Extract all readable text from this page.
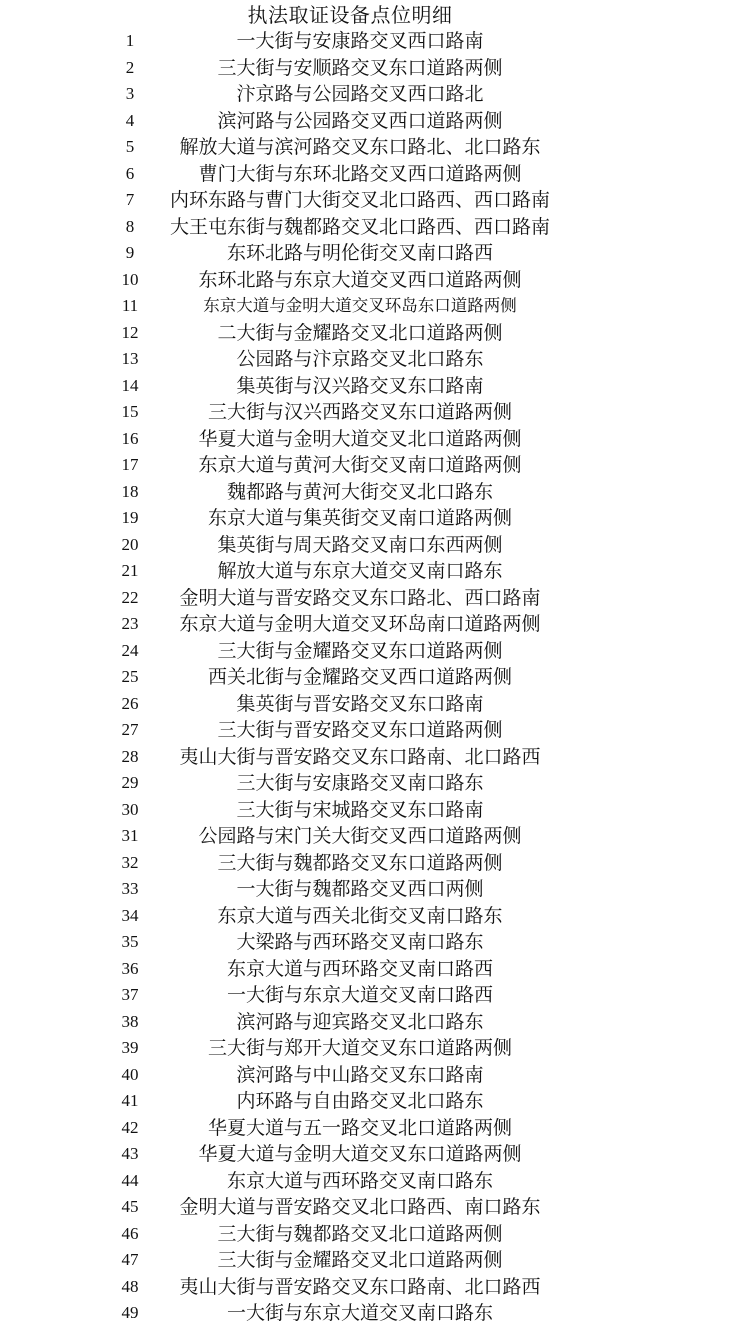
执法取证设备点位明细
1	一大街与安康路交叉西口路南
2	三大街与安顺路交叉东口道路两侧
3	汴京路与公园路交叉西口路北
4	滨河路与公园路交叉西口道路两侧
5	解放大道与滨河路交叉东口路北、北口路东
6	曹门大街与东环北路交叉西口道路两侧
7	内环东路与曹门大街交叉北口路西、西口路南
8	大王屯东街与魏都路交叉北口路西、西口路南
9	东环北路与明伦街交叉南口路西
10	东环北路与东京大道交叉西口道路两侧
11	东京大道与金明大道交叉环岛东口道路两侧
12	二大街与金耀路交叉北口道路两侧
13	公园路与汴京路交叉北口路东
14	集英街与汉兴路交叉东口路南
15	三大街与汉兴西路交叉东口道路两侧
16	华夏大道与金明大道交叉北口道路两侧
17	东京大道与黄河大街交叉南口道路两侧
18	魏都路与黄河大街交叉北口路东
19	东京大道与集英街交叉南口道路两侧
20	集英街与周天路交叉南口东西两侧
21	解放大道与东京大道交叉南口路东
22	金明大道与晋安路交叉东口路北、西口路南
23	东京大道与金明大道交叉环岛南口道路两侧
24	三大街与金耀路交叉东口道路两侧
25	西关北街与金耀路交叉西口道路两侧
26	集英街与晋安路交叉东口路南
27	三大街与晋安路交叉东口道路两侧
28	夷山大街与晋安路交叉东口路南、北口路西
29	三大街与安康路交叉南口路东
30	三大街与宋城路交叉东口路南
31	公园路与宋门关大街交叉西口道路两侧
32	三大街与魏都路交叉东口道路两侧
33	一大街与魏都路交叉西口两侧
34	东京大道与西关北街交叉南口路东
35	大梁路与西环路交叉南口路东
36	东京大道与西环路交叉南口路西
37	一大街与东京大道交叉南口路西
38	滨河路与迎宾路交叉北口路东
39	三大街与郑开大道交叉东口道路两侧
40	滨河路与中山路交叉东口路南
41	内环路与自由路交叉北口路东
42	华夏大道与五一路交叉北口道路两侧
43	华夏大道与金明大道交叉东口道路两侧
44	东京大道与西环路交叉南口路东
45	金明大道与晋安路交叉北口路西、南口路东
46	三大街与魏都路交叉北口道路两侧
47	三大街与金耀路交叉北口道路两侧
48	夷山大街与晋安路交叉东口路南、北口路西
49	一大街与东京大道交叉南口路东
